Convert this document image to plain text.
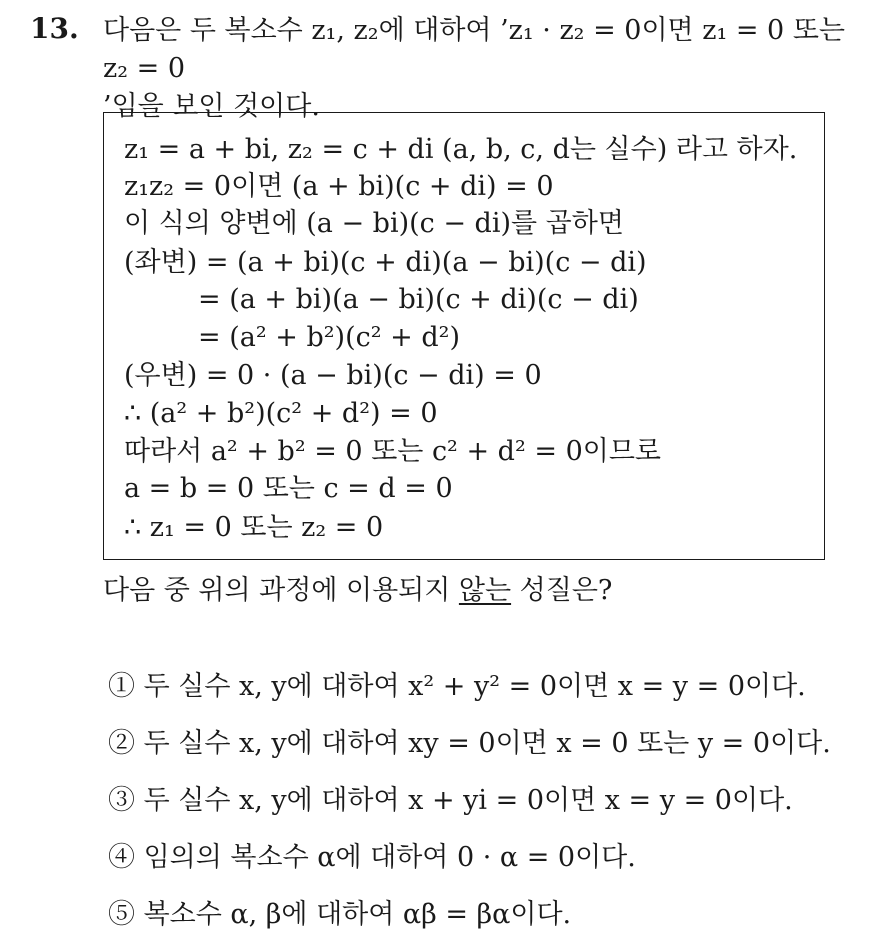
13. 다음은 두 복소수 z₁, z₂에 대하여 ’z₁ · z₂ = 0이면 z₁ = 0 또는 z₂ = 0
’임을 보인 것이다.
z₁ = a + bi, z₂ = c + di (a, b, c, d는 실수) 라고 하자.
z₁z₂ = 0이면 (a + bi)(c + di) = 0
이 식의 양변에 (a − bi)(c − di)를 곱하면
(좌변) = (a + bi)(c + di)(a − bi)(c − di)
= (a + bi)(a − bi)(c + di)(c − di)
= (a² + b²)(c² + d²)
(우변) = 0 · (a − bi)(c − di) = 0
∴ (a² + b²)(c² + d²) = 0
따라서 a² + b² = 0 또는 c² + d² = 0이므로
a = b = 0 또는 c = d = 0
∴ z₁ = 0 또는 z₂ = 0
다음 중 위의 과정에 이용되지 않는 성질은?
① 두 실수 x, y에 대하여 x² + y² = 0이면 x = y = 0이다.
② 두 실수 x, y에 대하여 xy = 0이면 x = 0 또는 y = 0이다.
③ 두 실수 x, y에 대하여 x + yi = 0이면 x = y = 0이다.
④ 임의의 복소수 α에 대하여 0 · α = 0이다.
⑤ 복소수 α, β에 대하여 αβ = βα이다.
